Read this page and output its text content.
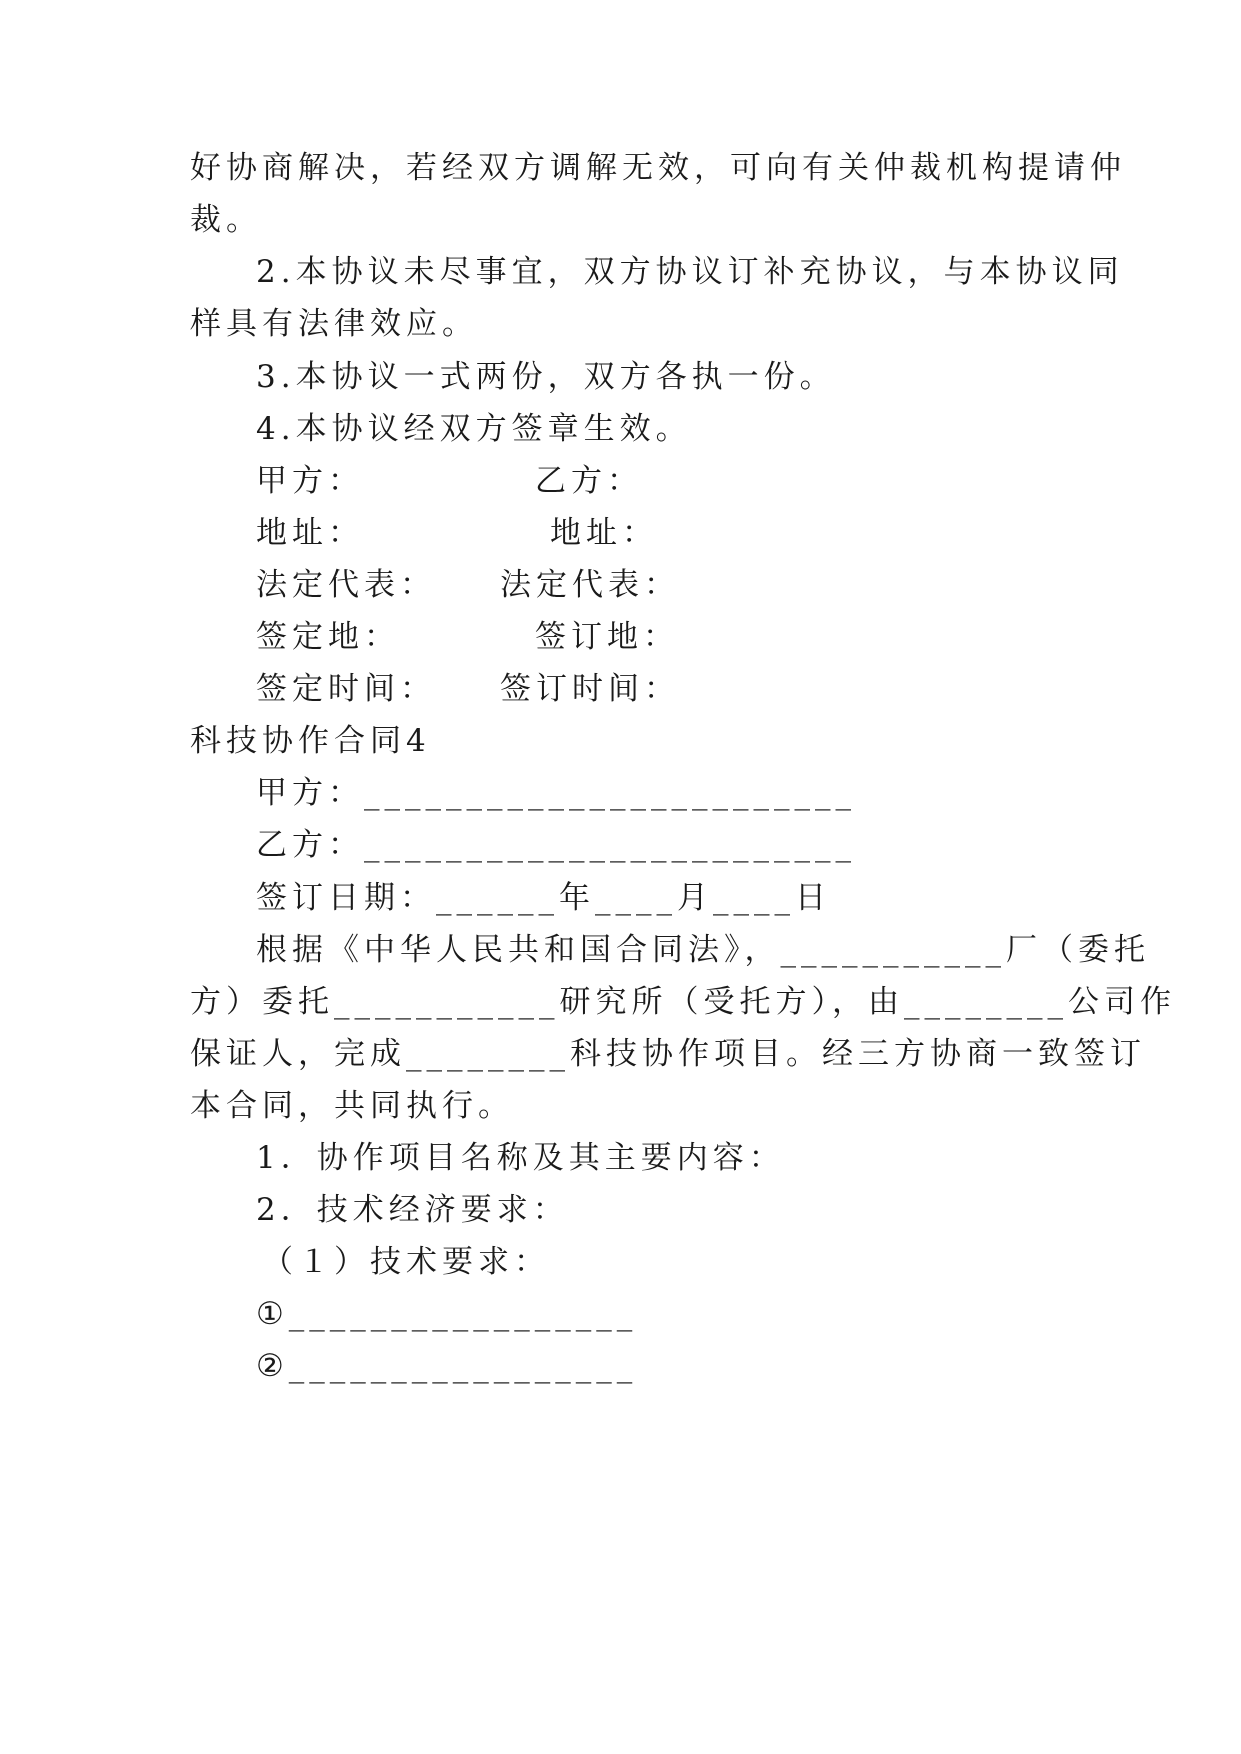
好协商解决，若经双方调解无效，可向有关仲裁机构提请仲
裁。
2.本协议未尽事宜，双方协议订补充协议，与本协议同
样具有法律效应。
3.本协议一式两份，双方各执一份。
4.本协议经双方签章生效。
甲方：	乙方：
地址：	地址：
法定代表：	法定代表：
签定地：	签订地：
签定时间：	签订时间：
科技协作合同4
甲方：________________________
乙方：________________________
签订日期：______年____月____日
根据《中华人民共和国合同法》，___________厂（委托
方）委托___________研究所（受托方），由________公司作
保证人，完成________科技协作项目。经三方协商一致签订
本合同，共同执行。
1．协作项目名称及其主要内容：
2．技术经济要求：
（１）技术要求：
①_________________
②_________________
